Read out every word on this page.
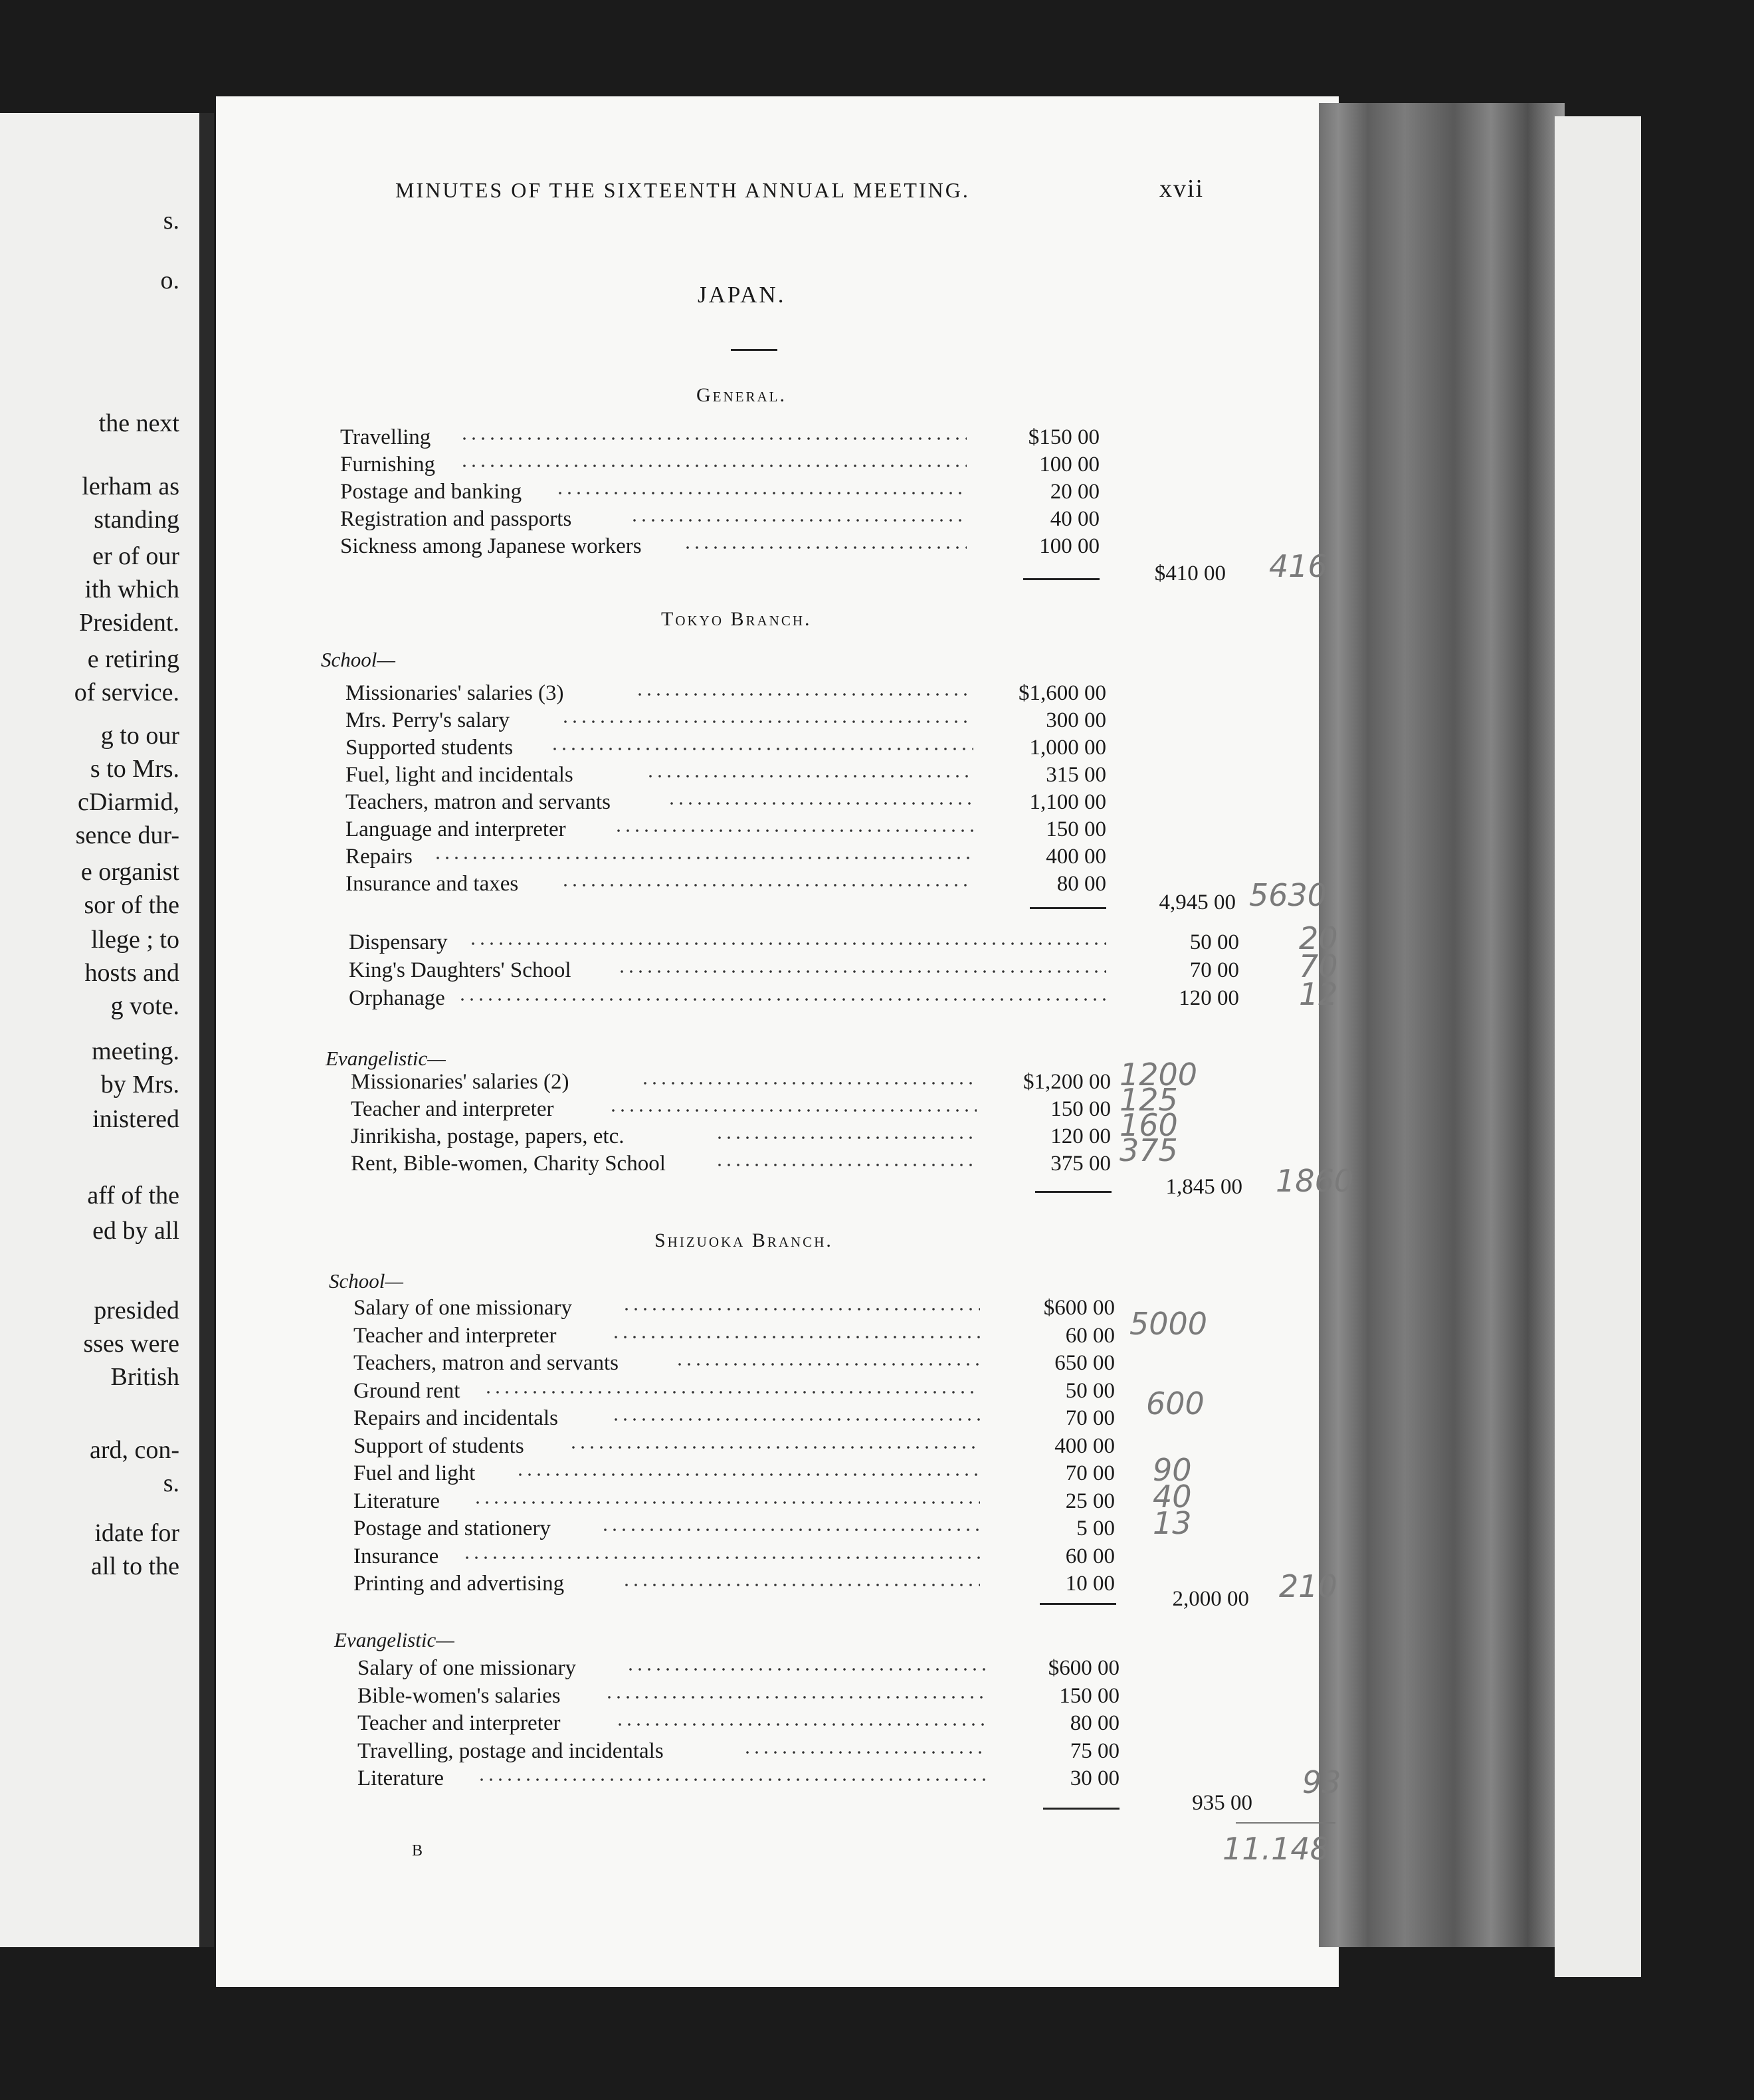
s.
o.
the next
lerham as
standing
er of our
ith which
President.
e retiring
of service.
g to our
s to Mrs.
cDiarmid,
sence dur-
e organist
sor of the
llege ; to
hosts and
g vote.
meeting.
by Mrs.
inistered
aff of the
ed by all
presided
sses were
British
ard, con-
s.
idate for
all to the
MINUTES OF THE SIXTEENTH ANNUAL MEETING.	xvii
JAPAN.
General.
Travelling	$150 00
Furnishing	100 00
Postage and banking	20 00
Registration and passports	40 00
Sickness among Japanese workers	100 00
$410 00 416
Tokyo Branch.
School—
Missionaries' salaries (3)	$1,600 00
Mrs. Perry's salary	300 00
Supported students	1,000 00
Fuel, light and incidentals	315 00
Teachers, matron and servants	1,100 00
Language and interpreter	150 00
Repairs	400 00
Insurance and taxes	80 00
4,945 00 5630
Dispensary	50 00 20
King's Daughters' School	70 00 70
Orphanage	120 00 12
Evangelistic—
Missionaries' salaries (2)	$1,200 00 1200
Teacher and interpreter	150 00 125
Jinrikisha, postage, papers, etc.	120 00 160
Rent, Bible-women, Charity School	375 00 375
1,845 00 1860
Shizuoka Branch.
School—
Salary of one missionary	$600 00
Teacher and interpreter	60 00 5000
Teachers, matron and servants	650 00
Ground rent	50 00
Repairs and incidentals	70 00 600
Support of students	400 00
Fuel and light	70 00 90
Literature	25 00 40
Postage and stationery	5 00 13
Insurance	60 00
Printing and advertising	10 00
2,000 00 210
Evangelistic—
Salary of one missionary	$600 00
Bible-women's salaries	150 00
Teacher and interpreter	80 00
Travelling, postage and incidentals	75 00
Literature	30 00
935 00
93
11.148
B
